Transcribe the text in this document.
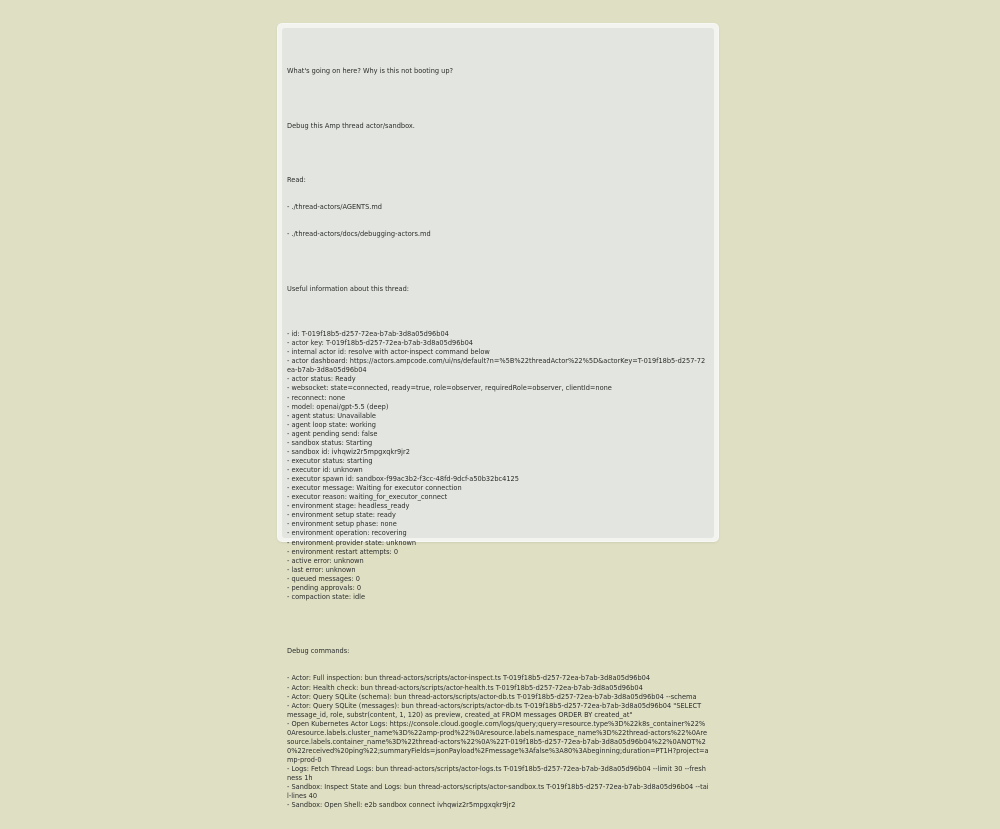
What's going on here? Why is this not booting up?

Debug this Amp thread actor/sandbox.

Read:

- ./thread-actors/AGENTS.md

- ./thread-actors/docs/debugging-actors.md

Useful information about this thread:

- id: T-019f18b5-d257-72ea-b7ab-3d8a05d96b04
- actor key: T-019f18b5-d257-72ea-b7ab-3d8a05d96b04
- internal actor id: resolve with actor-inspect command below
- actor dashboard: https://actors.ampcode.com/ui/ns/default?n=%5B%22threadActor%22%5D&actorKey=T-019f18b5-d257-72ea-b7ab-3d8a05d96b04
- actor status: Ready
- websocket: state=connected, ready=true, role=observer, requiredRole=observer, clientId=none
- reconnect: none
- model: openai/gpt-5.5 (deep)
- agent status: Unavailable
- agent loop state: working
- agent pending send: false
- sandbox status: Starting
- sandbox id: ivhqwiz2r5mpgxqkr9jr2
- executor status: starting
- executor id: unknown
- executor spawn id: sandbox-f99ac3b2-f3cc-48fd-9dcf-a50b32bc4125
- executor message: Waiting for executor connection
- executor reason: waiting_for_executor_connect
- environment stage: headless_ready
- environment setup state: ready
- environment setup phase: none
- environment operation: recovering
- environment provider state: unknown
- environment restart attempts: 0
- active error: unknown
- last error: unknown
- queued messages: 0
- pending approvals: 0
- compaction state: idle

Debug commands:

- Actor: Full inspection: bun thread-actors/scripts/actor-inspect.ts T-019f18b5-d257-72ea-b7ab-3d8a05d96b04
- Actor: Health check: bun thread-actors/scripts/actor-health.ts T-019f18b5-d257-72ea-b7ab-3d8a05d96b04
- Actor: Query SQLite (schema): bun thread-actors/scripts/actor-db.ts T-019f18b5-d257-72ea-b7ab-3d8a05d96b04 --schema
- Actor: Query SQLite (messages): bun thread-actors/scripts/actor-db.ts T-019f18b5-d257-72ea-b7ab-3d8a05d96b04 "SELECT message_id, role, substr(content, 1, 120) as preview, created_at FROM messages ORDER BY created_at"
- Open Kubernetes Actor Logs: https://console.cloud.google.com/logs/query;query=resource.type%3D%22k8s_container%22%0Aresource.labels.cluster_name%3D%22amp-prod%22%0Aresource.labels.namespace_name%3D%22thread-actors%22%0Aresource.labels.container_name%3D%22thread-actors%22%0A%22T-019f18b5-d257-72ea-b7ab-3d8a05d96b04%22%0ANOT%20%22received%20ping%22;summaryFields=jsonPayload%2Fmessage%3Afalse%3A80%3Abeginning;duration=PT1H?project=amp-prod-0
- Logs: Fetch Thread Logs: bun thread-actors/scripts/actor-logs.ts T-019f18b5-d257-72ea-b7ab-3d8a05d96b04 --limit 30 --freshness 1h
- Sandbox: Inspect State and Logs: bun thread-actors/scripts/actor-sandbox.ts T-019f18b5-d257-72ea-b7ab-3d8a05d96b04 --tail-lines 40
- Sandbox: Open Shell: e2b sandbox connect ivhqwiz2r5mpgxqkr9jr2
